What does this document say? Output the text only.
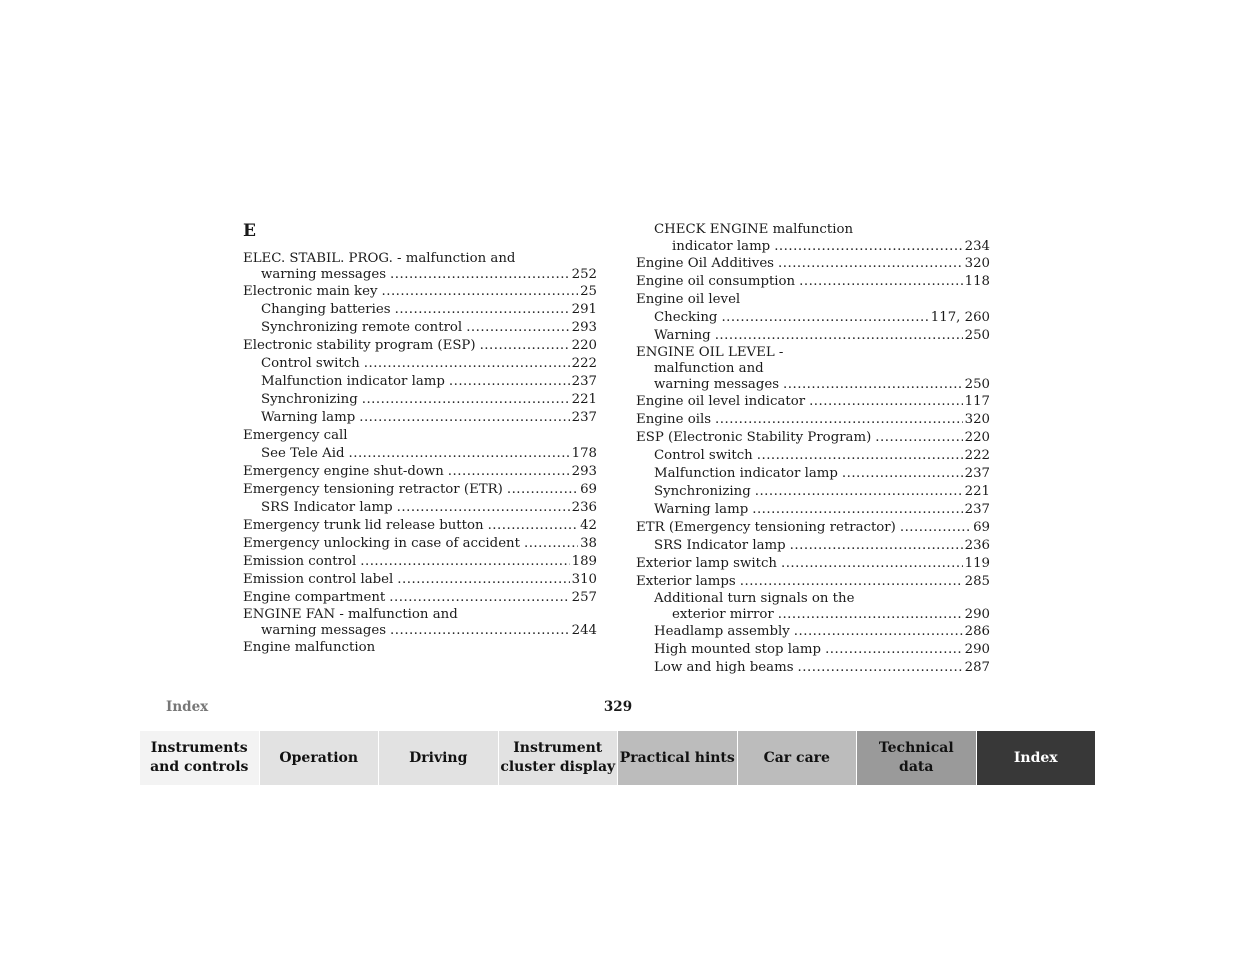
E
ELEC. STABIL. PROG. - malfunction and
warning messages .....	252
Electronic main key .....	25
Changing batteries .....	291
Synchronizing remote control .....	293
Electronic stability program (ESP) .....	220
Control switch .....	222
Malfunction indicator lamp .....	237
Synchronizing .....	221
Warning lamp .....	237
Emergency call
See Tele Aid .....	178
Emergency engine shut-down .....	293
Emergency tensioning retractor (ETR) .....	69
SRS Indicator lamp .....	236
Emergency trunk lid release button .....	42
Emergency unlocking in case of accident .....	38
Emission control .....	189
Emission control label .....	310
Engine compartment .....	257
ENGINE FAN - malfunction and
warning messages .....	244
Engine malfunction
CHECK ENGINE malfunction
indicator lamp .....	234
Engine Oil Additives .....	320
Engine oil consumption .....	118
Engine oil level
Checking .....	117, 260
Warning .....	250
ENGINE OIL LEVEL -
malfunction and
warning messages .....	250
Engine oil level indicator .....	117
Engine oils .....	320
ESP (Electronic Stability Program) .....	220
Control switch .....	222
Malfunction indicator lamp .....	237
Synchronizing .....	221
Warning lamp .....	237
ETR (Emergency tensioning retractor) .....	69
SRS Indicator lamp .....	236
Exterior lamp switch .....	119
Exterior lamps .....	285
Additional turn signals on the
exterior mirror .....	290
Headlamp assembly .....	286
High mounted stop lamp .....	290
Low and high beams .....	287
Index	329
Instruments
and controls
Operation	Driving
Instrument
cluster display
Practical hints Car care
Technical
data
Index
